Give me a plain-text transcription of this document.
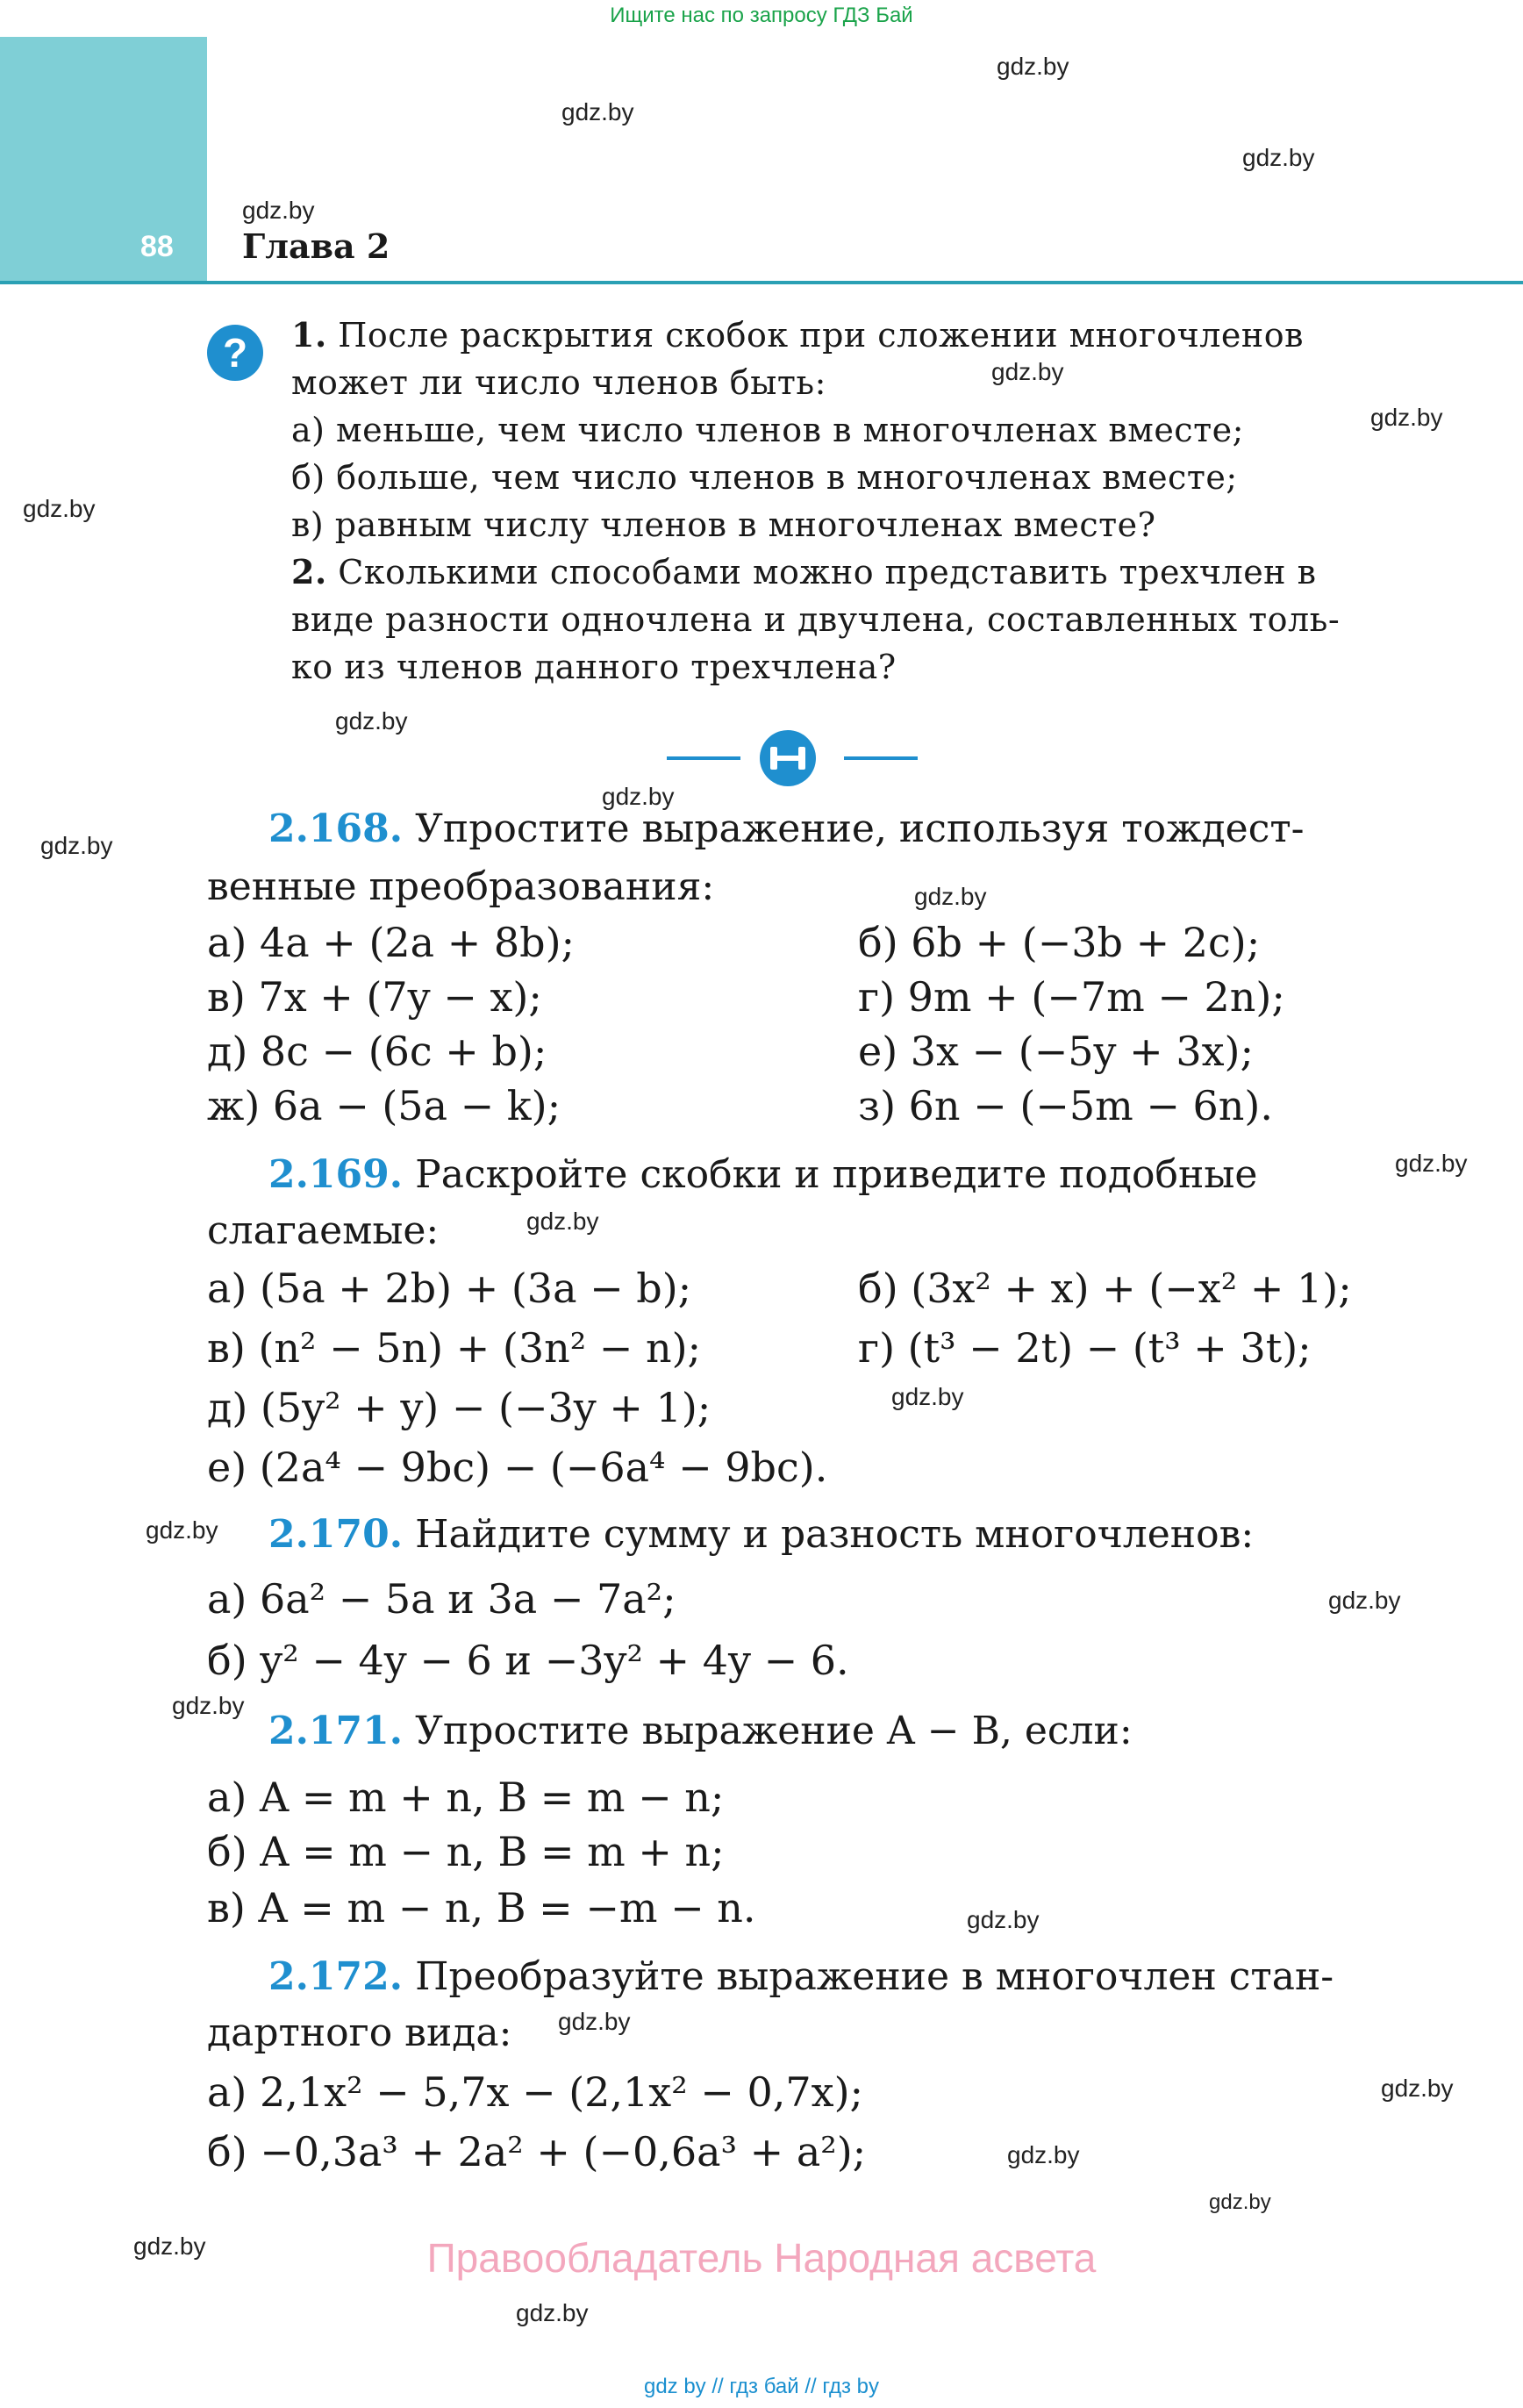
Ищите нас по запросу ГДЗ Бай
88 Глава 2
gdz.by
gdz.by
gdz.by
gdz.by
gdz.by
gdz.by
gdz.by
gdz.by
gdz.by
gdz.by
gdz.by
gdz.by
gdz.by
gdz.by
gdz.by
gdz.by
gdz.by
gdz.by
gdz.by
gdz.by
gdz.by
gdz.by
gdz.by
gdz.by
?	1. После раскрытия скобок при сложении многочленов
может ли число членов быть:
а) меньше, чем число членов в многочленах вместе;
б) больше, чем число членов в многочленах вместе;
в) равным числу членов в многочленах вместе?
2. Сколькими способами можно представить трехчлен в
виде разности одночлена и двучлена, составленных толь-
ко из членов данного трехчлена?
2.168. Упростите выражение, используя тождест-
венные преобразования:
а) 4a + (2a + 8b);	б) 6b + (−3b + 2c);
в) 7x + (7y − x);	г) 9m + (−7m − 2n);
д) 8c − (6c + b);	е) 3x − (−5y + 3x);
ж) 6a − (5a − k);	з) 6n − (−5m − 6n).
2.169. Раскройте скобки и приведите подобные
слагаемые:
а) (5a + 2b) + (3a − b);	б) (3x² + x) + (−x² + 1);
в) (n² − 5n) + (3n² − n);	г) (t³ − 2t) − (t³ + 3t);
д) (5y² + y) − (−3y + 1);
е) (2a⁴ − 9bc) − (−6a⁴ − 9bc).
2.170. Найдите сумму и разность многочленов:
а) 6a² − 5a и 3a − 7a²;
б) y² − 4y − 6 и −3y² + 4y − 6.
2.171. Упростите выражение A − B, если:
а) A = m + n, B = m − n;
б) A = m − n, B = m + n;
в) A = m − n, B = −m − n.
2.172. Преобразуйте выражение в многочлен стан-
дартного вида:
а) 2,1x² − 5,7x − (2,1x² − 0,7x);
б) −0,3a³ + 2a² + (−0,6a³ + a²);
Правообладатель Народная асвета
gdz by // гдз бай // гдз by
